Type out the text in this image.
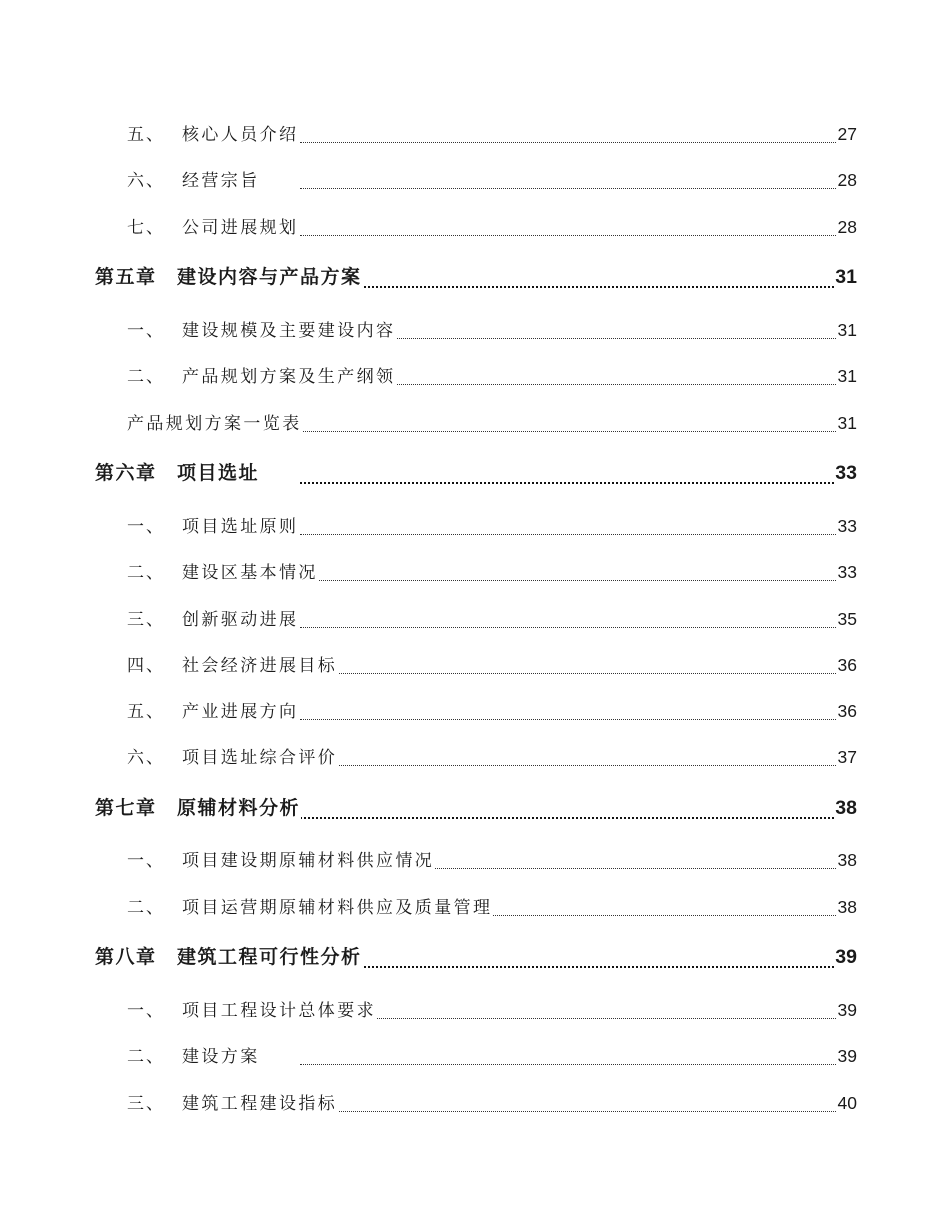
五、 核心人员介绍	27
六、 经营宗旨	28
七、 公司进展规划	28
第五章 建设内容与产品方案	31
一、 建设规模及主要建设内容	31
二、 产品规划方案及生产纲领	31
产品规划方案一览表	31
第六章 项目选址	33
一、 项目选址原则	33
二、 建设区基本情况	33
三、 创新驱动进展	35
四、 社会经济进展目标	36
五、 产业进展方向	36
六、 项目选址综合评价	37
第七章 原辅材料分析	38
一、 项目建设期原辅材料供应情况	38
二、 项目运营期原辅材料供应及质量管理	38
第八章 建筑工程可行性分析	39
一、 项目工程设计总体要求	39
二、 建设方案	39
三、 建筑工程建设指标	40
